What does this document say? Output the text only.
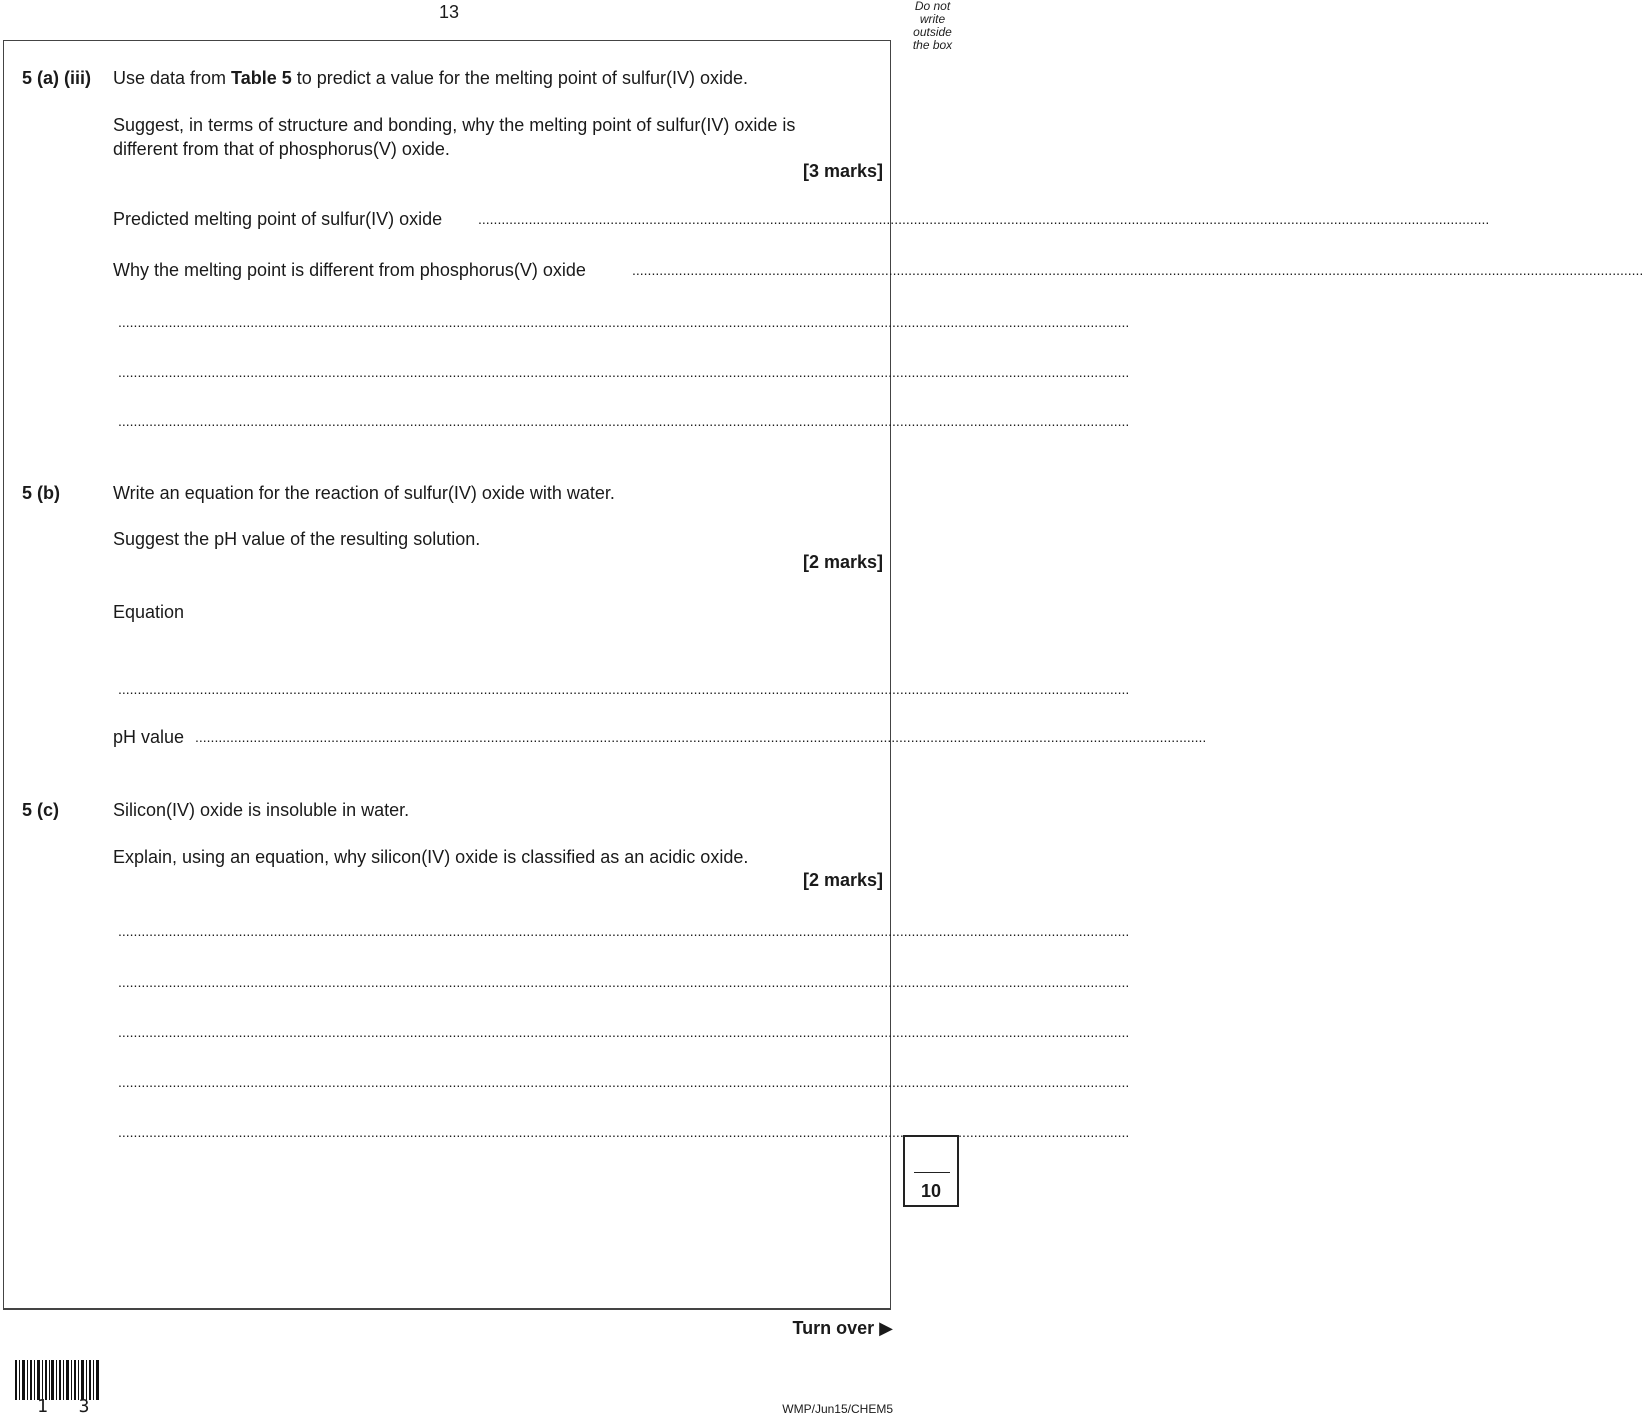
13	Do not write outside the box
5 (a) (iii) Use data from Table 5 to predict a value for the melting point of sulfur(IV) oxide.
Suggest, in terms of structure and bonding, why the melting point of sulfur(IV) oxide is
different from that of phosphorus(V) oxide.
[3 marks]
Predicted melting point of sulfur(IV) oxide	....................................................................................................................................................................................................................................................................
Why the melting point is different from phosphorus(V) oxide	....................................................................................................................................................................................................................................................................
....................................................................................................................................................................................................................................................................
....................................................................................................................................................................................................................................................................
....................................................................................................................................................................................................................................................................
5 (b)	Write an equation for the reaction of sulfur(IV) oxide with water.
Suggest the pH value of the resulting solution.
[2 marks]
Equation
....................................................................................................................................................................................................................................................................
pH value ....................................................................................................................................................................................................................................................................
5 (c)	Silicon(IV) oxide is insoluble in water.
Explain, using an equation, why silicon(IV) oxide is classified as an acidic oxide.
[2 marks]
....................................................................................................................................................................................................................................................................
....................................................................................................................................................................................................................................................................
....................................................................................................................................................................................................................................................................
....................................................................................................................................................................................................................................................................
....................................................................................................................................................................................................................................................................
10
Turn over ▶
1 3	WMP/Jun15/CHEM5
